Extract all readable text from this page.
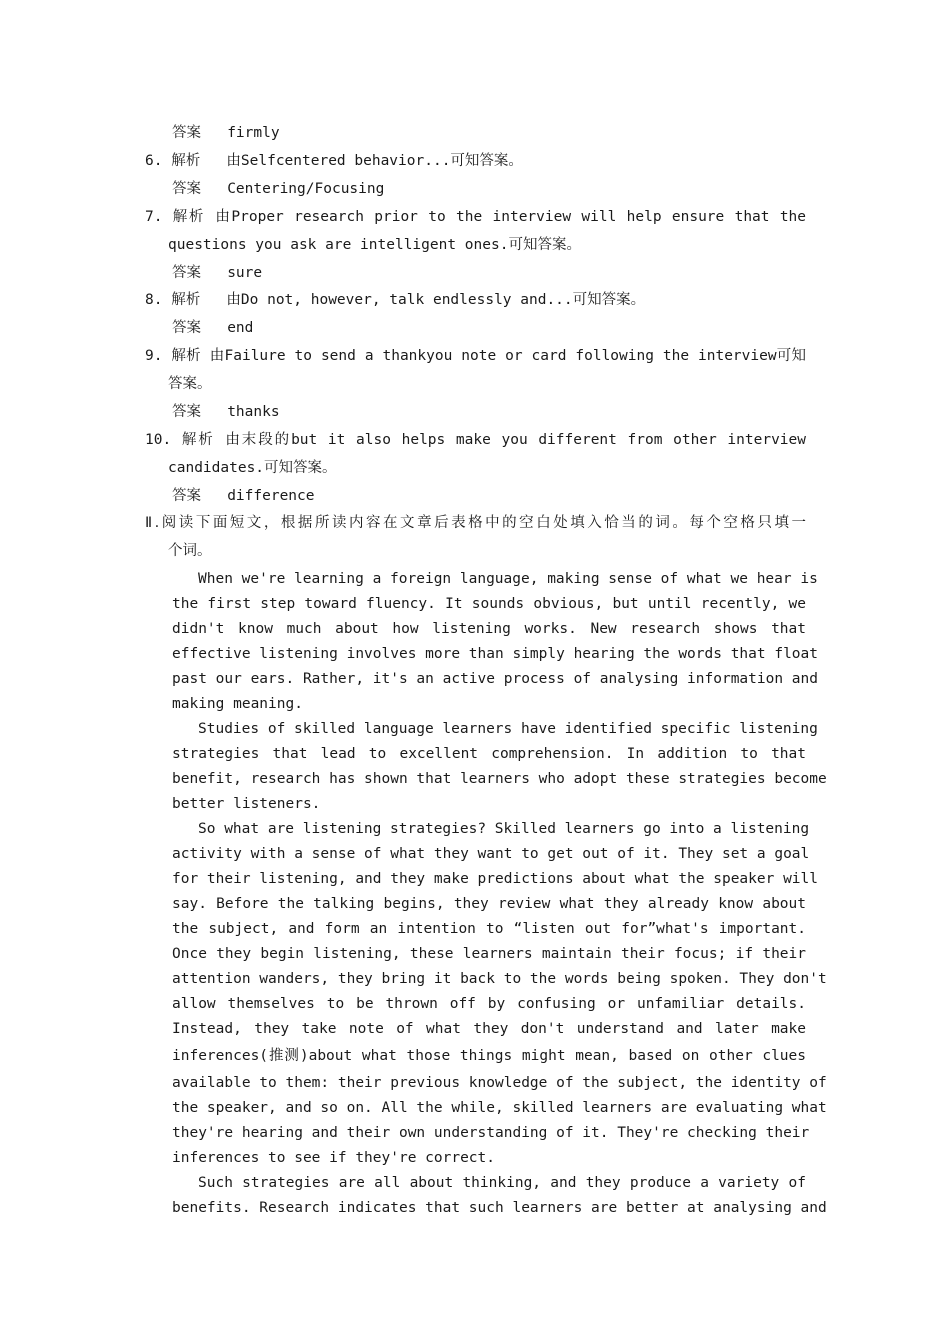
答案 firmly
6. 解析 由Selfcentered behavior...可知答案。
答案 Centering/Focusing
7. 解析 由Proper research prior to the interview will help ensure that the
questions you ask are intelligent ones.可知答案。
答案 sure
8. 解析 由Do not, however, talk endlessly and...可知答案。
答案 end
9. 解析 由Failure to send a thankyou note or card following the interview可知
答案。
答案 thanks
10. 解析 由末段的but it also helps make you different from other interview
candidates.可知答案。
答案 difference
Ⅱ.阅读下面短文，根据所读内容在文章后表格中的空白处填入恰当的词。每个空格只填一
个词。
When we're learning a foreign language, making sense of what we hear is
the first step toward fluency. It sounds obvious, but until recently, we
didn't know much about how listening works. New research shows that
effective listening involves more than simply hearing the words that float
past our ears. Rather, it's an active process of analysing information and
making meaning.
Studies of skilled language learners have identified specific listening
strategies that lead to excellent comprehension. In addition to that
benefit, research has shown that learners who adopt these strategies become
better listeners.
So what are listening strategies? Skilled learners go into a listening
activity with a sense of what they want to get out of it. They set a goal
for their listening, and they make predictions about what the speaker will
say. Before the talking begins, they review what they already know about
the subject, and form an intention to “listen out for”what's important.
Once they begin listening, these learners maintain their focus; if their
attention wanders, they bring it back to the words being spoken. They don't
allow themselves to be thrown off by confusing or unfamiliar details.
Instead, they take note of what they don't understand and later make
inferences(推测)about what those things might mean, based on other clues
available to them: their previous knowledge of the subject, the identity of
the speaker, and so on. All the while, skilled learners are evaluating what
they're hearing and their own understanding of it. They're checking their
inferences to see if they're correct.
Such strategies are all about thinking, and they produce a variety of
benefits. Research indicates that such learners are better at analysing and
